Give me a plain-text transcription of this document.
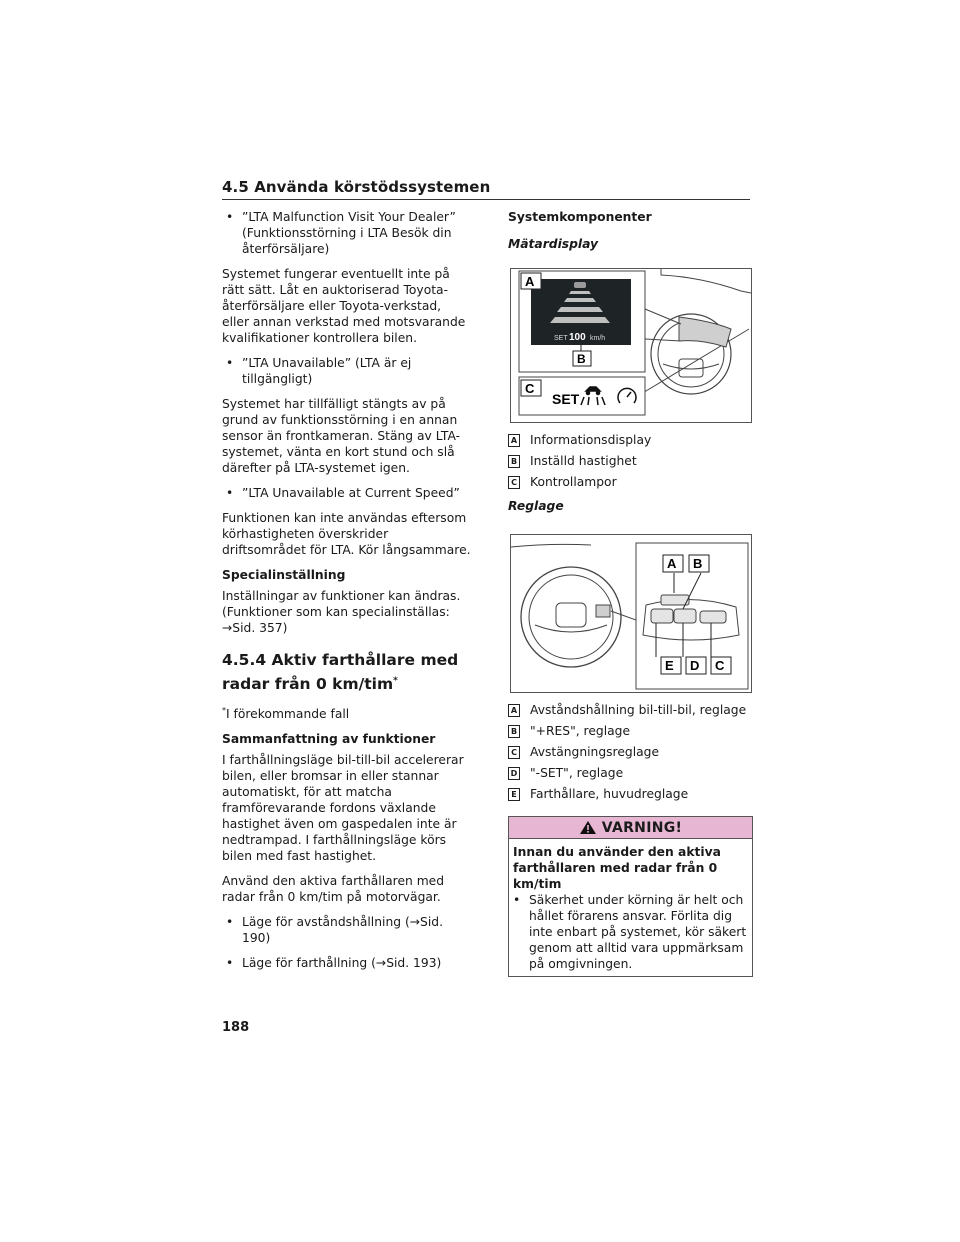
4.5 Använda körstödssystemen
• ”LTA Malfunction Visit Your Dealer” (Funktionsstörning i LTA Besök din återförsäljare)

Systemet fungerar eventuellt inte på rätt sätt. Låt en auktoriserad Toyota-återförsäljare eller Toyota-verkstad, eller annan verkstad med motsvarande kvalifikationer kontrollera bilen.

• ”LTA Unavailable” (LTA är ej tillgängligt)

Systemet har tillfälligt stängts av på grund av funktionsstörning i en annan sensor än frontkameran. Stäng av LTA-systemet, vänta en kort stund och slå därefter på LTA-systemet igen.

• ”LTA Unavailable at Current Speed”

Funktionen kan inte användas eftersom körhastigheten överskrider driftsområdet för LTA. Kör långsammare.

Specialinställning

Inställningar av funktioner kan ändras. (Funktioner som kan specialinställas: →Sid. 357)

4.5.4 Aktiv farthållare med radar från 0 km/tim*

*I förekommande fall

Sammanfattning av funktioner

I farthållningsläge bil-till-bil accelererar bilen, eller bromsar in eller stannar automatiskt, för att matcha framförevarande fordons växlande hastighet även om gaspedalen inte är nedtrampad. I farthållningsläge körs bilen med fast hastighet.

Använd den aktiva farthållaren med radar från 0 km/tim på motorvägar.

• Läge för avståndshållning (→Sid. 190)
• Läge för farthållning (→Sid. 193)

Systemkomponenter

Mätardisplay

SET 100 km/h
A
B
C
SET
A Informationsdisplay
B Inställd hastighet
C Kontrollampor

Reglage

A B
E D C
A Avståndshållning bil-till-bil, reglage
B "+RES", reglage
C Avstängningsreglage
D "-SET", reglage
E Farthållare, huvudreglage
VARNING!
Innan du använder den aktiva farthållaren med radar från 0 km/tim
• Säkerhet under körning är helt och hållet förarens ansvar. Förlita dig inte enbart på systemet, kör säkert genom att alltid vara uppmärksam på omgivningen.
188
